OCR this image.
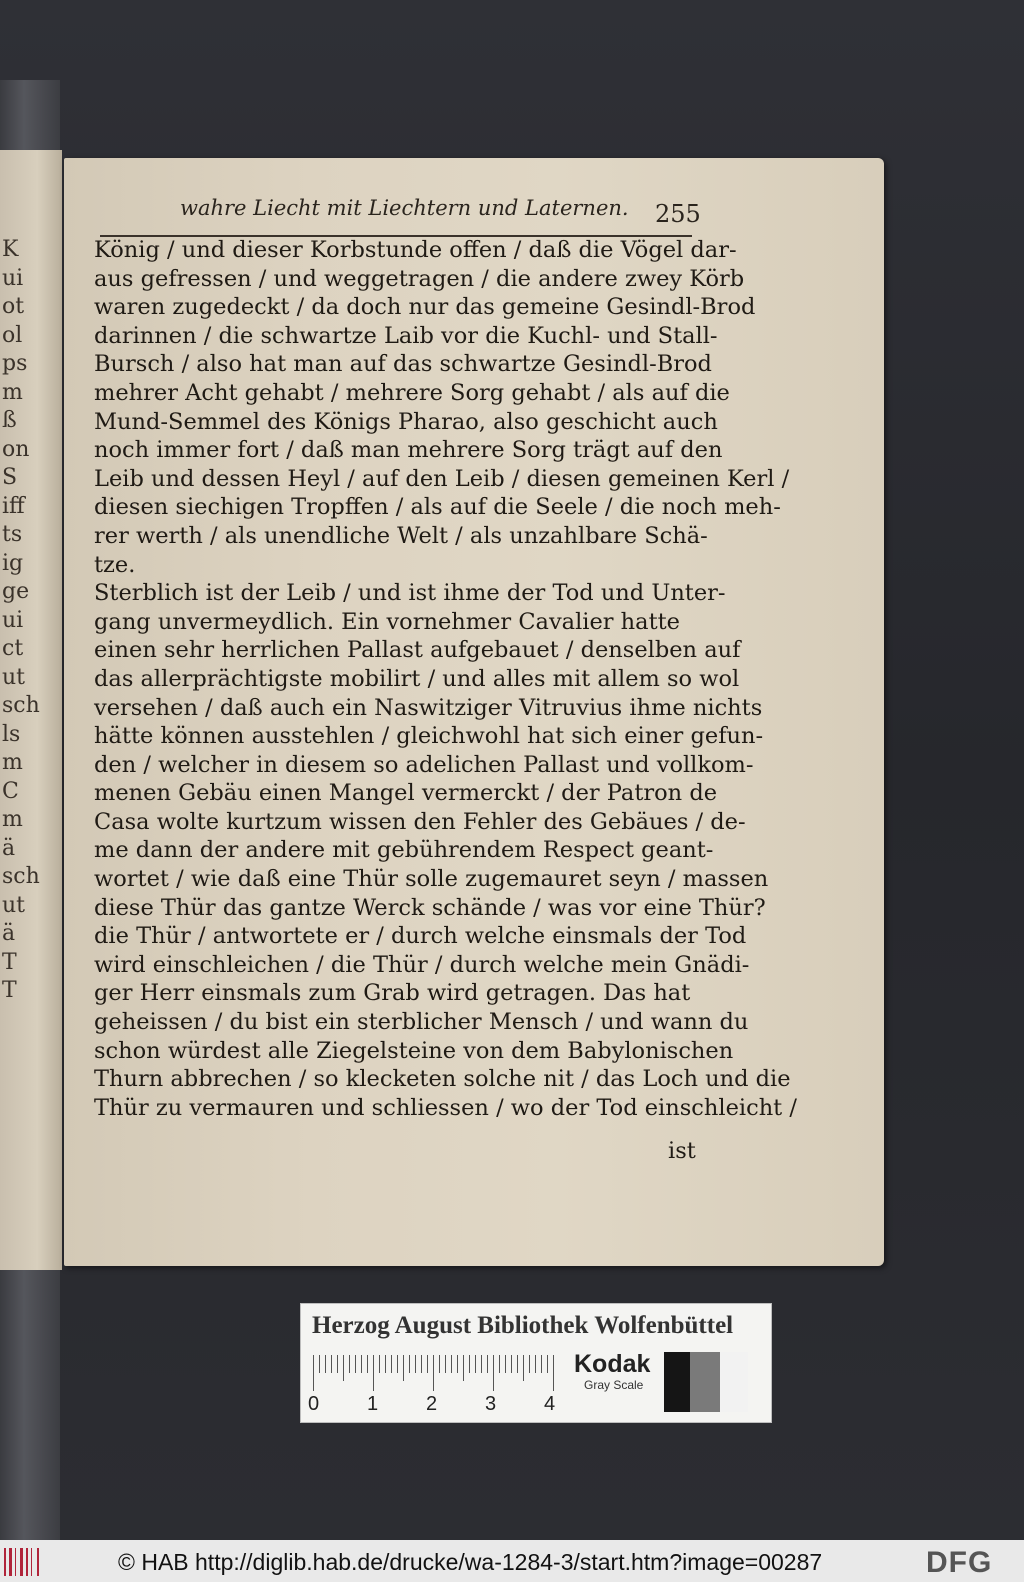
K
ui
ot
ol
ps
m
ß
on
S
iff
ts
ig
ge
ui
ct
ut
sch
ls
m
C
m
ä
sch
ut
ä
T
T
wahre Liecht mit Liechtern und Laternen. 255
König / und dieser Korbstunde offen / daß die Vögel dar-
aus gefressen / und weggetragen / die andere zwey Körb
waren zugedeckt / da doch nur das gemeine Gesindl-Brod
darinnen / die schwartze Laib vor die Kuchl- und Stall-
Bursch / also hat man auf das schwartze Gesindl-Brod
mehrer Acht gehabt / mehrere Sorg gehabt / als auf die
Mund-Semmel des Königs Pharao, also geschicht auch
noch immer fort / daß man mehrere Sorg trägt auf den
Leib und dessen Heyl / auf den Leib / diesen gemeinen Kerl /
diesen siechigen Tropffen / als auf die Seele / die noch meh-
rer werth / als unendliche Welt / als unzahlbare Schä-
tze.
Sterblich ist der Leib / und ist ihme der Tod und Unter-
gang unvermeydlich. Ein vornehmer Cavalier hatte
einen sehr herrlichen Pallast aufgebauet / denselben auf
das allerprächtigste mobilirt / und alles mit allem so wol
versehen / daß auch ein Naswitziger Vitruvius ihme nichts
hätte können ausstehlen / gleichwohl hat sich einer gefun-
den / welcher in diesem so adelichen Pallast und vollkom-
menen Gebäu einen Mangel vermerckt / der Patron de
Casa wolte kurtzum wissen den Fehler des Gebäues / de-
me dann der andere mit gebührendem Respect geant-
wortet / wie daß eine Thür solle zugemauret seyn / massen
diese Thür das gantze Werck schände / was vor eine Thür?
die Thür / antwortete er / durch welche einsmals der Tod
wird einschleichen / die Thür / durch welche mein Gnädi-
ger Herr einsmals zum Grab wird getragen. Das hat
geheissen / du bist ein sterblicher Mensch / und wann du
schon würdest alle Ziegelsteine von dem Babylonischen
Thurn abbrechen / so klecketen solche nit / das Loch und die
Thür zu vermauren und schliessen / wo der Tod einschleicht /
ist
Herzog August Bibliothek Wolfenbüttel
0 1 2 3 4
Kodak
Gray Scale
© HAB http://diglib.hab.de/drucke/wa-1284-3/start.htm?image=00287	DFG
